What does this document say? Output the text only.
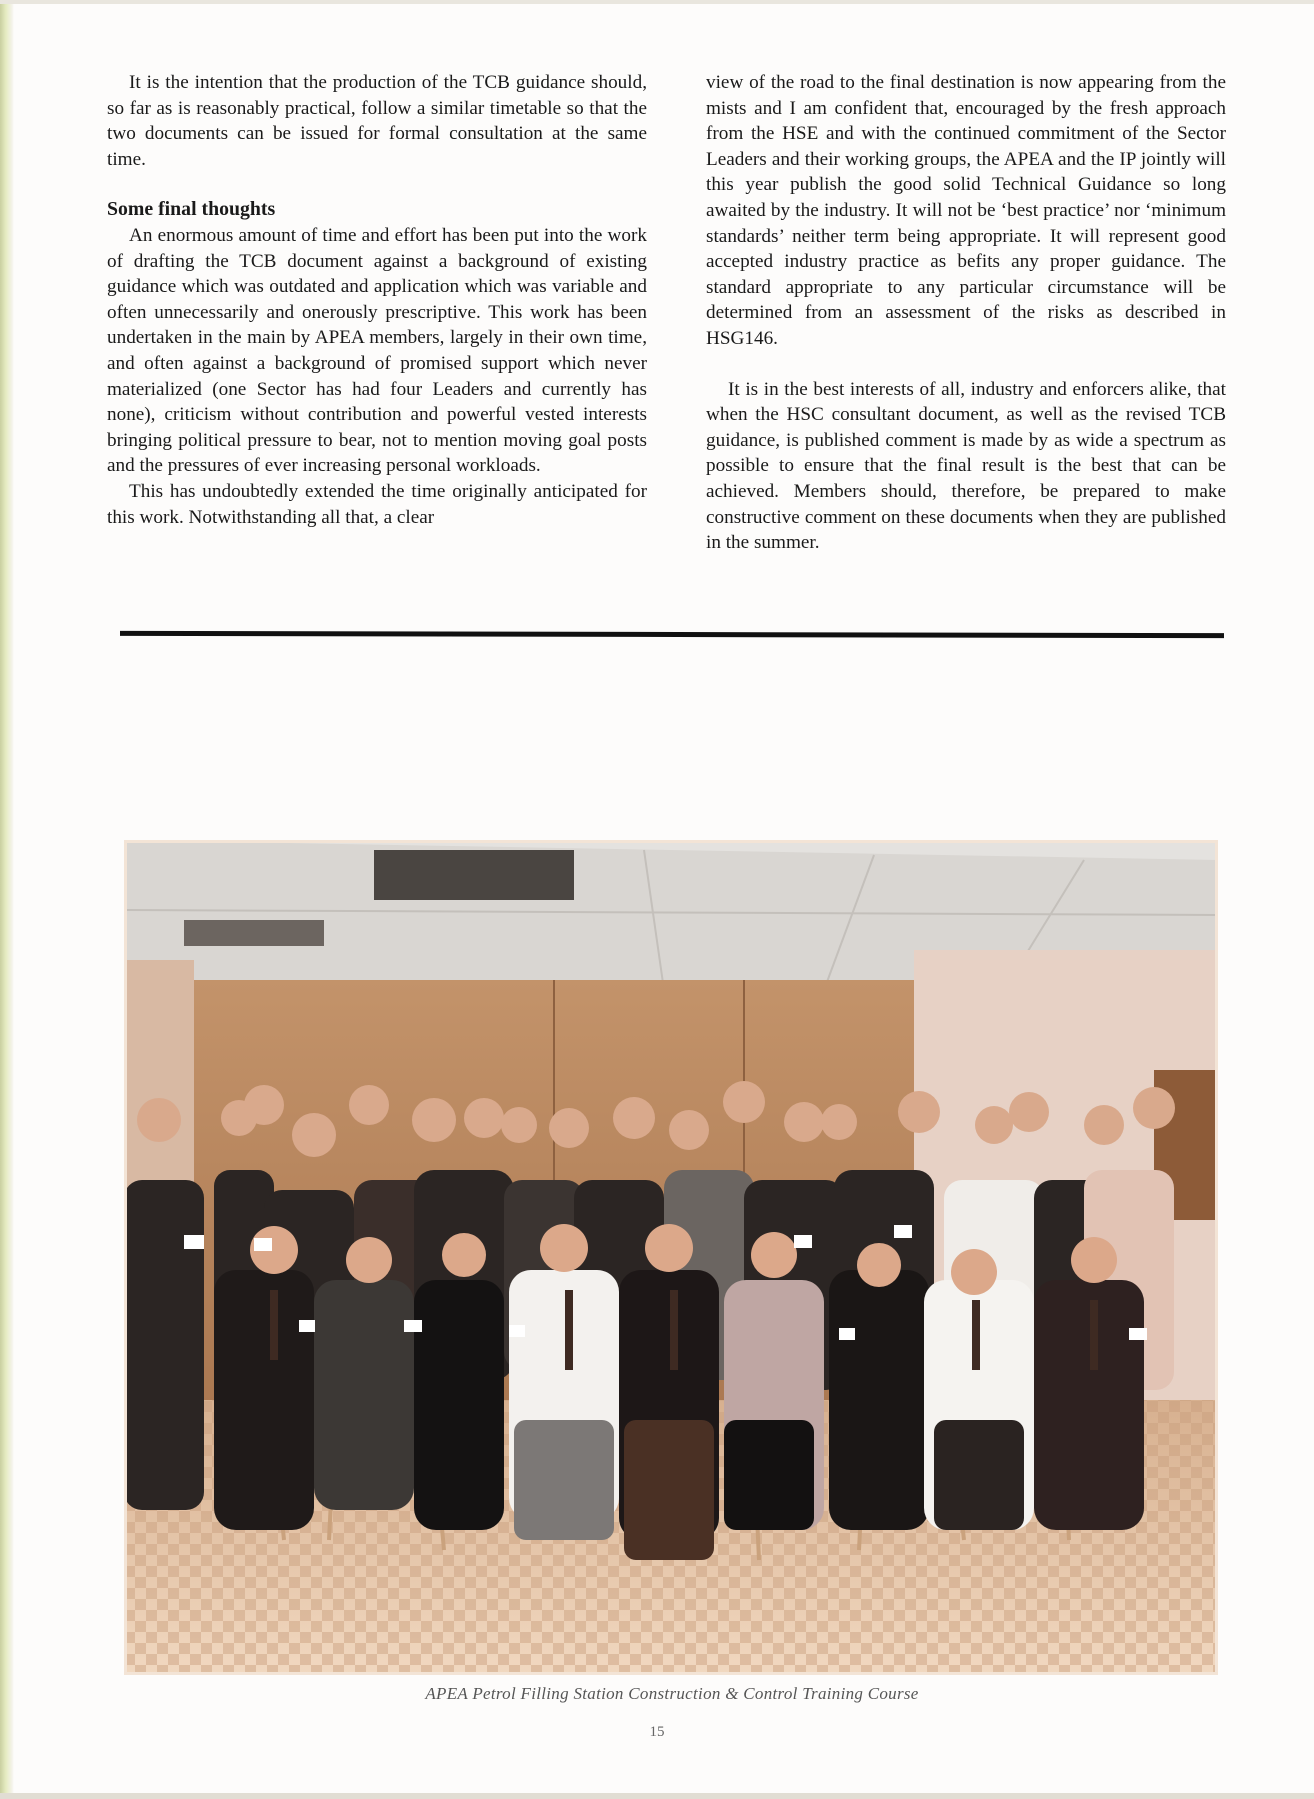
It is the intention that the production of the TCB guidance should, so far as is reasonably practical, follow a similar timetable so that the two documents can be issued for formal consultation at the same time.

Some final thoughts

An enormous amount of time and effort has been put into the work of drafting the TCB document against a background of existing guidance which was outdated and application which was variable and often unnecessarily and onerously prescriptive. This work has been undertaken in the main by APEA members, largely in their own time, and often against a background of promised support which never materialized (one Sector has had four Leaders and currently has none), criticism without contribution and powerful vested interests bringing political pressure to bear, not to mention moving goal posts and the pressures of ever increasing personal workloads.

This has undoubtedly extended the time originally anticipated for this work. Notwithstanding all that, a clear

view of the road to the final destination is now appearing from the mists and I am confident that, encouraged by the fresh approach from the HSE and with the continued commitment of the Sector Leaders and their working groups, the APEA and the IP jointly will this year publish the good solid Technical Guidance so long awaited by the industry. It will not be ‘best practice’ nor ‘minimum standards’ neither term being appropriate. It will represent good accepted industry practice as befits any proper guidance. The standard appropriate to any particular circumstance will be determined from an assessment of the risks as described in HSG146.

It is in the best interests of all, industry and enforcers alike, that when the HSC consultant document, as well as the revised TCB guidance, is published comment is made by as wide a spectrum as possible to ensure that the final result is the best that can be achieved. Members should, therefore, be prepared to make constructive comment on these documents when they are published in the summer.

APEA Petrol Filling Station Construction & Control Training Course
15
